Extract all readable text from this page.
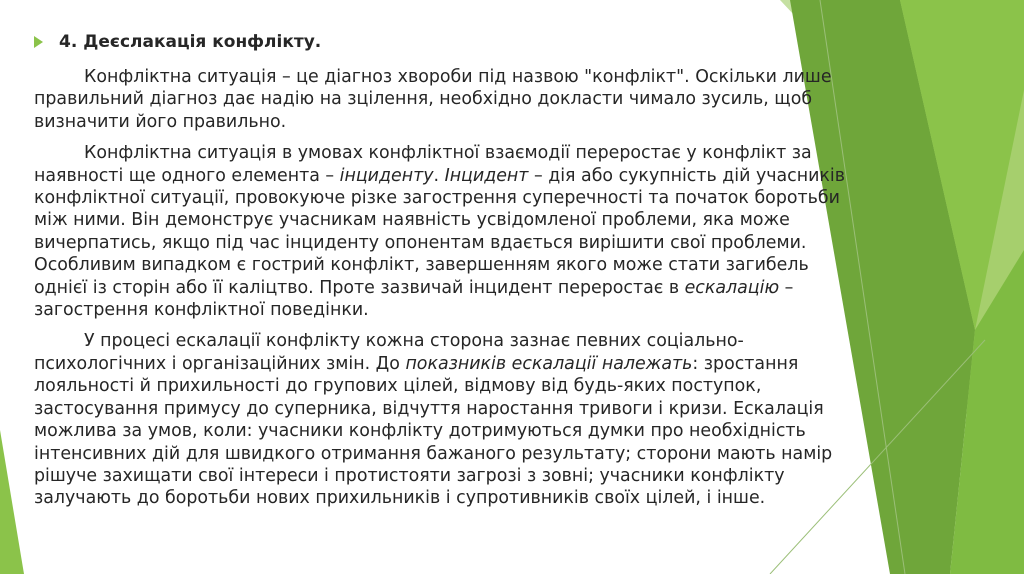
4. Деєслакація конфлікту.

Конфліктна ситуація – це діагноз хвороби під назвою "конфлікт". Оскільки лише правильний діагноз дає надію на зцілення, необхідно докласти чимало зусиль, щоб визначити його правильно.

Конфліктна ситуація в умовах конфліктної взаємодії переростає у конфлікт за наявності ще одного елемента – інциденту. Інцидент – дія або сукупність дій учасників конфліктної ситуації, провокуюче різке загострення суперечності та початок боротьби між ними. Він демонструє учасникам наявність усвідомленої проблеми, яка може вичерпатись, якщо під час інциденту опонентам вдається вирішити свої проблеми. Особливим випадком є гострий конфлікт, завершенням якого може стати загибель однієї із сторін або її каліцтво. Проте зазвичай інцидент переростає в ескалацію – загострення конфліктної поведінки.

У процесі ескалації конфлікту кожна сторона зазнає певних соціально-психологічних і організаційних змін. До показників ескалації належать: зростання лояльності й прихильності до групових цілей, відмову від будь-яких поступок, застосування примусу до суперника, відчуття наростання тривоги і кризи. Ескалація можлива за умов, коли: учасники конфлікту дотримуються думки про необхідність інтенсивних дій для швидкого отримання бажаного результату; сторони мають намір рішуче захищати свої інтереси і протистояти загрозі з зовні; учасники конфлікту залучають до боротьби нових прихильників і супротивників своїх цілей, і інше.
